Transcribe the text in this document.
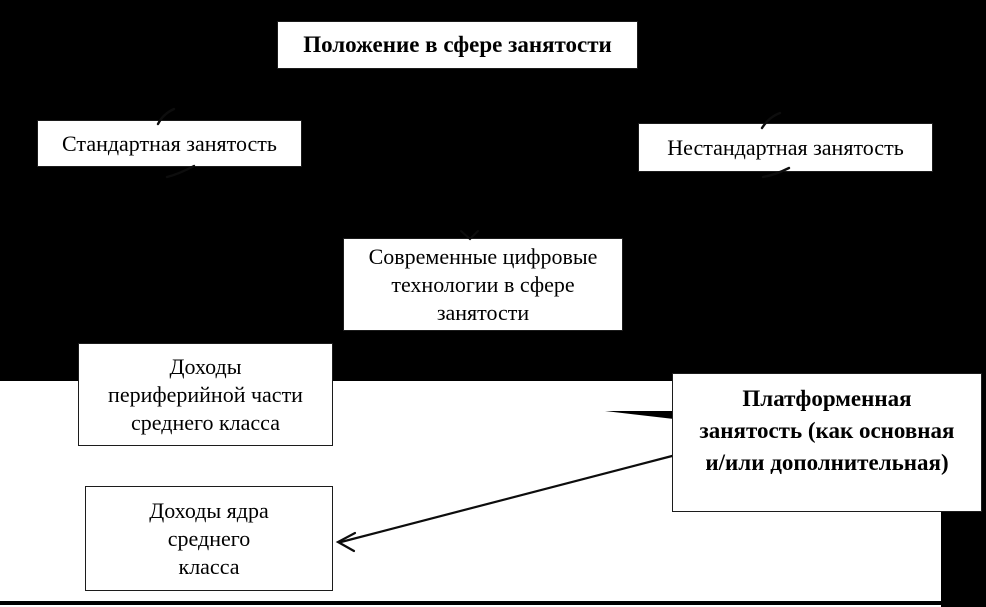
Положение в сфере занятости
Стандартная занятость	Нестандартная занятость
Современные цифровые
технологии в сфере
занятости
Доходы
периферийной части
среднего класса
Платформенная
занятость (как основная
и/или дополнительная)
Доходы ядра
среднего
класса
